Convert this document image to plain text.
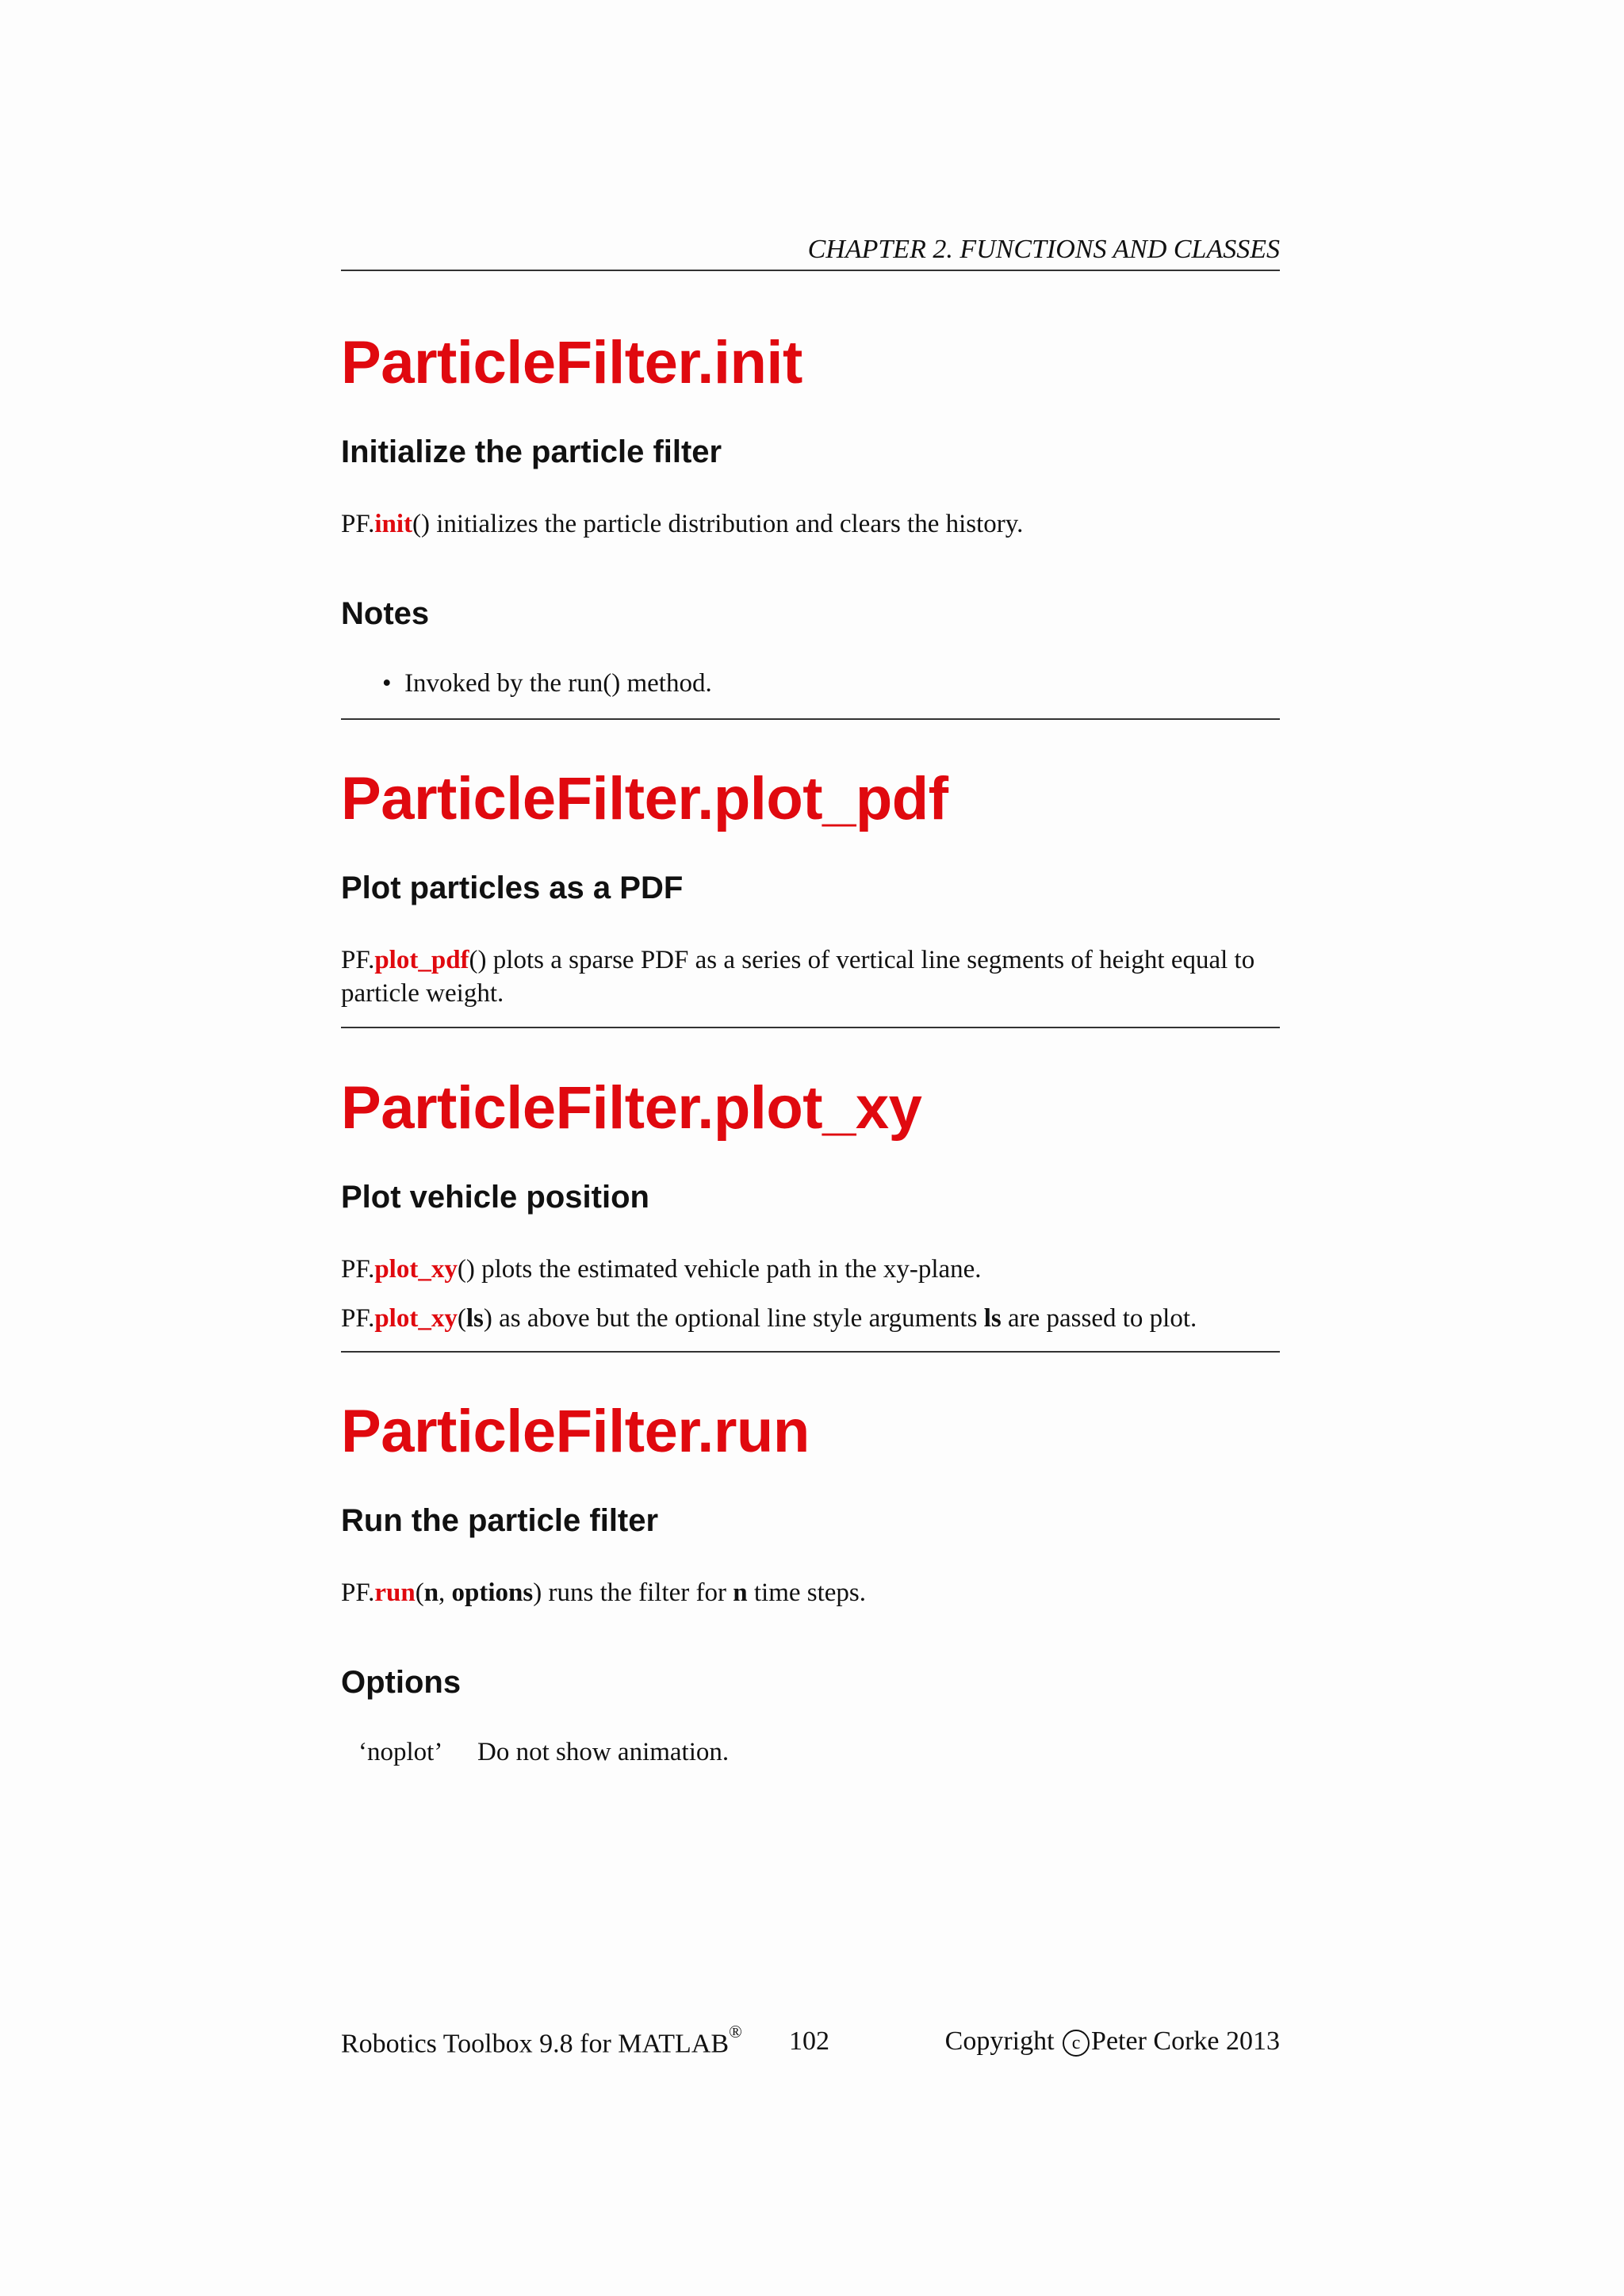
CHAPTER 2. FUNCTIONS AND CLASSES
ParticleFilter.init
Initialize the particle filter

PF.init() initializes the particle distribution and clears the history.

Notes
•  Invoked by the run() method.
ParticleFilter.plot_pdf
Plot particles as a PDF

PF.plot_pdf() plots a sparse PDF as a series of vertical line segments of height equal to
particle weight.

ParticleFilter.plot_xy
Plot vehicle position

PF.plot_xy() plots the estimated vehicle path in the xy-plane.

PF.plot_xy(ls) as above but the optional line style arguments ls are passed to plot.

ParticleFilter.run
Run the particle filter

PF.run(n, options) runs the filter for n time steps.

Options
‘noplot’ Do not show animation.
Robotics Toolbox 9.8 for MATLAB® 102	Copyright c Peter Corke 2013
